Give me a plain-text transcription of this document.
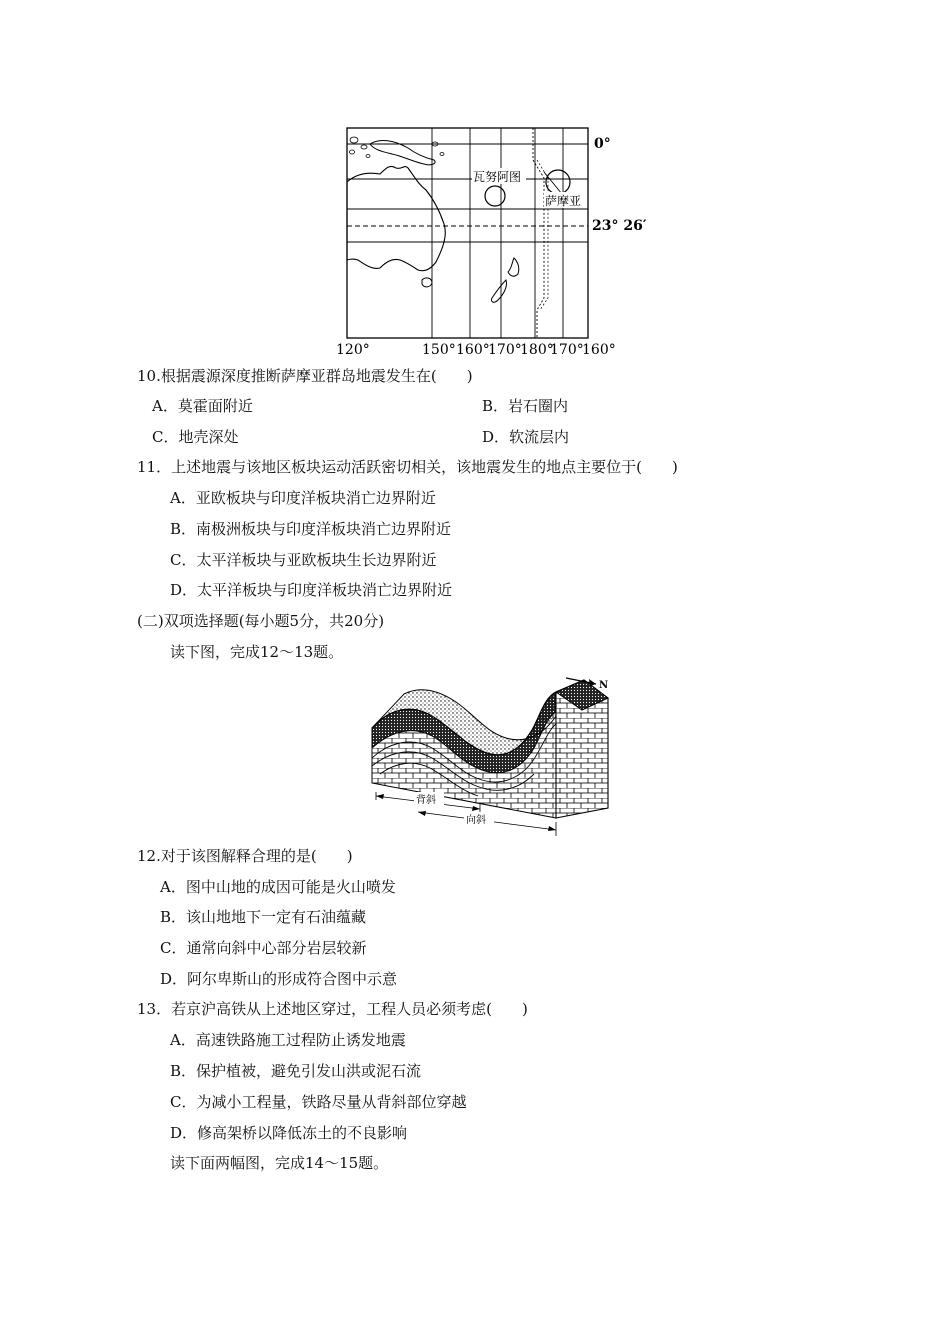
瓦努阿图
萨摩亚
0°
23° 26′
120°	150° 160°
170°
180°
170°
160°
10.根据震源深度推断萨摩亚群岛地震发生在(　　)
A．莫霍面附近	B．岩石圈内
C．地壳深处	D．软流层内
11．上述地震与该地区板块运动活跃密切相关，该地震发生的地点主要位于(　　)
A．亚欧板块与印度洋板块消亡边界附近
B．南极洲板块与印度洋板块消亡边界附近
C．太平洋板块与亚欧板块生长边界附近
D．太平洋板块与印度洋板块消亡边界附近
(二)双项选择题(每小题5分，共20分)
读下图，完成12～13题。
N
背斜
向斜
12.对于该图解释合理的是(　　)
A．图中山地的成因可能是火山喷发
B．该山地地下一定有石油蕴藏
C．通常向斜中心部分岩层较新
D．阿尔卑斯山的形成符合图中示意
13．若京沪高铁从上述地区穿过，工程人员必须考虑(　　)
A．高速铁路施工过程防止诱发地震
B．保护植被，避免引发山洪或泥石流
C．为减小工程量，铁路尽量从背斜部位穿越
D．修高架桥以降低冻土的不良影响
读下面两幅图，完成14～15题。
